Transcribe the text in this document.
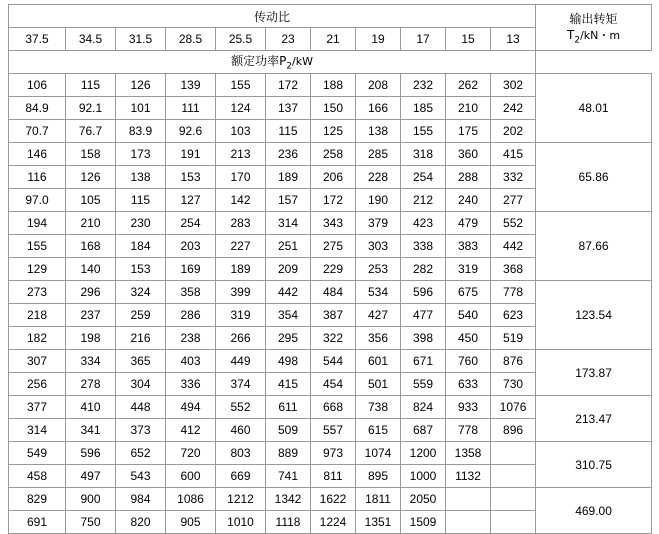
传动比											输出转矩
$T_2/kN$・m

37.5	34.5	31.5	28.5	25.5	23	21	19	17	15	13	
额定功率$P_2/kW$											
106	115	126	139	155	172	188	208	232	262	302	48.01
84.9	92.1	101	111	124	137	150	166	185	210	242	
70.7	76.7	83.9	92.6	103	115	125	138	155	175	202	
146	158	173	191	213	236	258	285	318	360	415	65.86
116	126	138	153	170	189	206	228	254	288	332	
97.0	105	115	127	142	157	172	190	212	240	277	
194	210	230	254	283	314	343	379	423	479	552	87.66
155	168	184	203	227	251	275	303	338	383	442	
129	140	153	169	189	209	229	253	282	319	368	
273	296	324	358	399	442	484	534	596	675	778	123.54
218	237	259	286	319	354	387	427	477	540	623	
182	198	216	238	266	295	322	356	398	450	519	
307	334	365	403	449	498	544	601	671	760	876	173.87
256	278	304	336	374	415	454	501	559	633	730	
377	410	448	494	552	611	668	738	824	933	1076	213.47
314	341	373	412	460	509	557	615	687	778	896	
549	596	652	720	803	889	973	1074	1200	1358		310.75
458	497	543	600	669	741	811	895	1000	1132		
829	900	984	1086	1212	1342	1622	1811	2050			469.00
691	750	820	905	1010	1118	1224	1351	1509			
